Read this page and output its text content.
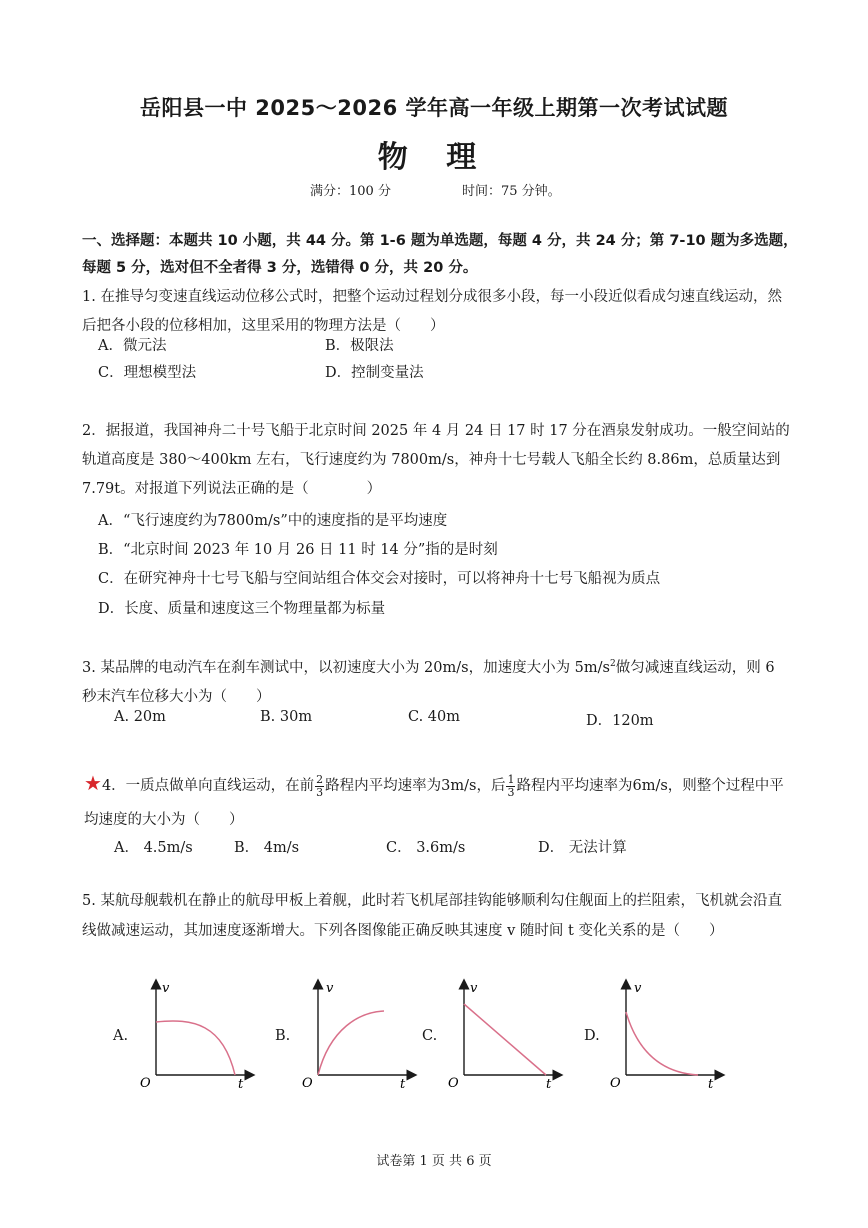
岳阳县一中 2025～2026 学年高一年级上期第一次考试试题
物 理
满分：100 分	时间：75 分钟。
一、选择题：本题共 10 小题，共 44 分。第 1-6 题为单选题，每题 4 分，共 24 分；第 7-10 题为多选题，每题 5 分，选对但不全者得 3 分，选错得 0 分，共 20 分。
1. 在推导匀变速直线运动位移公式时，把整个运动过程划分成很多小段，每一小段近似看成匀速直线运动，然后把各小段的位移相加，这里采用的物理方法是（　　）
A．微元法	B．极限法
C．理想模型法	D．控制变量法
2．据报道，我国神舟二十号飞船于北京时间 2025 年 4 月 24 日 17 时 17 分在酒泉发射成功。一般空间站的轨道高度是 380～400km 左右，飞行速度约为 7800m/s，神舟十七号载人飞船全长约 8.86m，总质量达到 7.79t。对报道下列说法正确的是（　　　　）
A．“飞行速度约为7800m/s”中的速度指的是平均速度
B．“北京时间 2023 年 10 月 26 日 11 时 14 分”指的是时刻
C．在研究神舟十七号飞船与空间站组合体交会对接时，可以将神舟十七号飞船视为质点
D．长度、质量和速度这三个物理量都为标量
3. 某品牌的电动汽车在刹车测试中，以初速度大小为 20m/s，加速度大小为 $5m/s^2$做匀减速直线运动，则 6 秒末汽车位移大小为（　　）
A. 20m	B. 30m	C. 40m	D．120m
★4．一质点做单向直线运动，在前 $\frac{2}{3}$ 路程内平均速率为3m/s，后 $\frac{1}{3}$ 路程内平均速率为6m/s，则整个过程中平均速度的大小为（　　）
A． 4.5m/s	B． 4m/s	C． 3.6m/s	D． 无法计算
5. 某航母舰载机在静止的航母甲板上着舰，此时若飞机尾部挂钩能够顺利勾住舰面上的拦阻索，飞机就会沿直线做减速运动，其加速度逐渐增大。下列各图像能正确反映其速度 v 随时间 t 变化关系的是（　　）
A.	B.	C.	D.
v
t
O
v
t
O
v
t
O
v
t
O
试卷第 1 页 共 6 页
